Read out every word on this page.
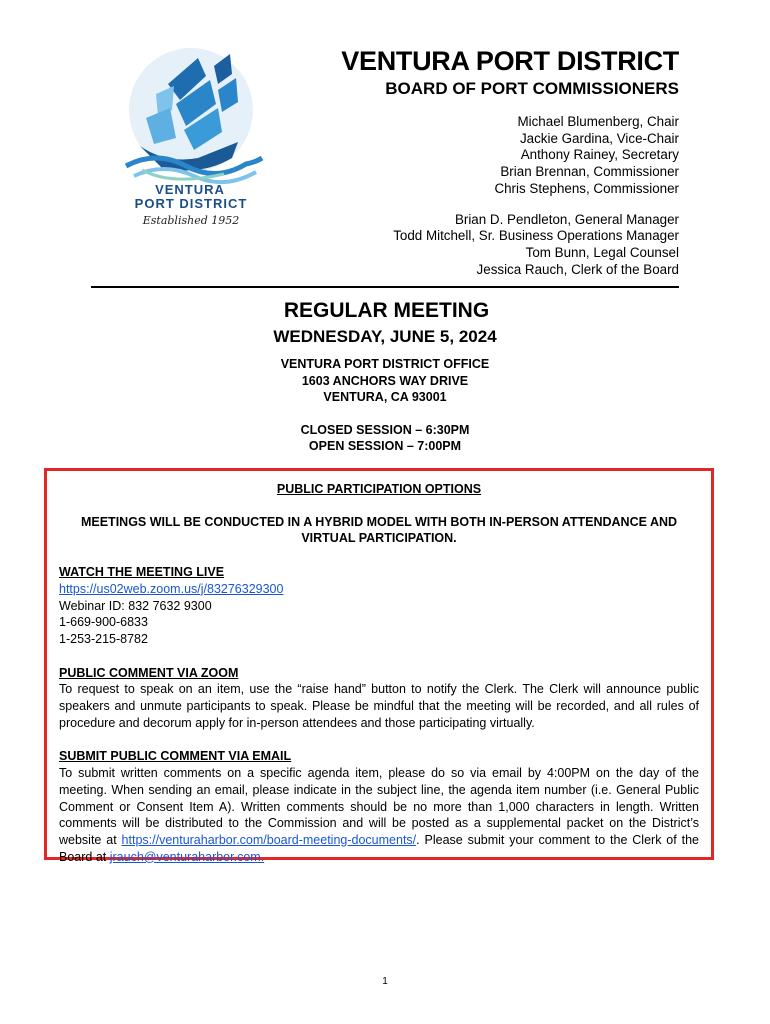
VENTURA
PORT DISTRICT
Established 1952
VENTURA PORT DISTRICT
BOARD OF PORT COMMISSIONERS
Michael Blumenberg, Chair
Jackie Gardina, Vice-Chair
Anthony Rainey, Secretary
Brian Brennan, Commissioner
Chris Stephens, Commissioner
Brian D. Pendleton, General Manager
Todd Mitchell, Sr. Business Operations Manager
Tom Bunn, Legal Counsel
Jessica Rauch, Clerk of the Board
REGULAR MEETING
WEDNESDAY, JUNE 5, 2024
VENTURA PORT DISTRICT OFFICE
1603 ANCHORS WAY DRIVE
VENTURA, CA 93001
CLOSED SESSION – 6:30PM
OPEN SESSION – 7:00PM
PUBLIC PARTICIPATION OPTIONS
MEETINGS WILL BE CONDUCTED IN A HYBRID MODEL WITH BOTH IN-PERSON ATTENDANCE AND VIRTUAL PARTICIPATION.
WATCH THE MEETING LIVE
https://us02web.zoom.us/j/83276329300
Webinar ID: 832 7632 9300
1-669-900-6833
1-253-215-8782
PUBLIC COMMENT VIA ZOOM
To request to speak on an item, use the “raise hand” button to notify the Clerk. The Clerk will announce public speakers and unmute participants to speak. Please be mindful that the meeting will be recorded, and all rules of procedure and decorum apply for in-person attendees and those participating virtually.
SUBMIT PUBLIC COMMENT VIA EMAIL
To submit written comments on a specific agenda item, please do so via email by 4:00PM on the day of the meeting. When sending an email, please indicate in the subject line, the agenda item number (i.e. General Public Comment or Consent Item A). Written comments should be no more than 1,000 characters in length. Written comments will be distributed to the Commission and will be posted as a supplemental packet on the District’s website at https://venturaharbor.com/board-meeting-documents/. Please submit your comment to the Clerk of the Board at jrauch@venturaharbor.com.
1
